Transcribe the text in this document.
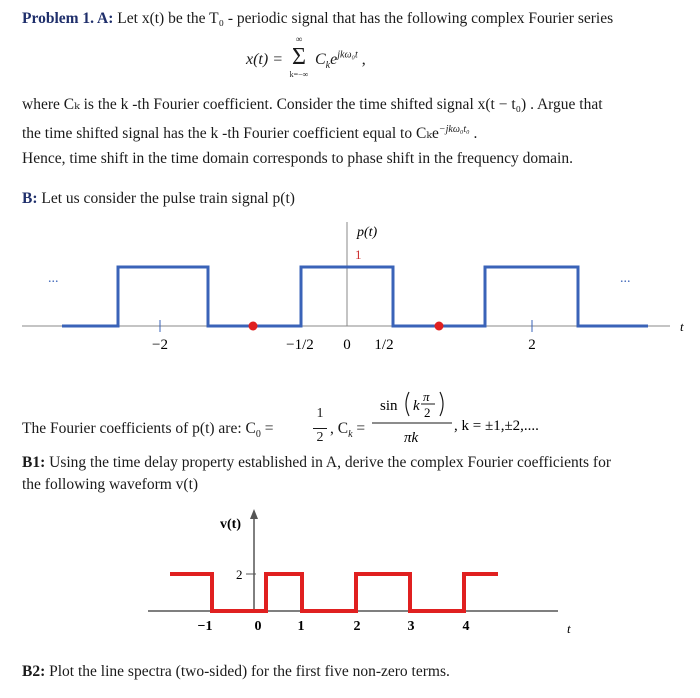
Problem 1. A: Let x(t) be the T₀ - periodic signal that has the following complex Fourier series
x(t) =
∞
Σ
k=−∞
$C_ke^{jk\omega_0t}$ ,
where Cₖ is the k -th Fourier coefficient. Consider the time shifted signal x(t − t₀) . Argue that
the time shifted signal has the k -th Fourier coefficient equal to Cₖe$^{-jk\omega_0t_0}$ .
Hence, time shift in the time domain corresponds to phase shift in the frequency domain.
B: Let us consider the pulse train signal p(t)
−2	−1/2 0 1/2	2
p(t)
1
t
...	...
The Fourier coefficients of p(t) are: $C_0$ =
1
2
, $C_k$ =
sin k
π
2
πk
, k = ±1,±2,....
B1: Using the time delay property established in A, derive the complex Fourier coefficients for
the following waveform v(t)
v(t)
2
−1	0	1	2	3	4	t
B2: Plot the line spectra (two-sided) for the first five non-zero terms.
